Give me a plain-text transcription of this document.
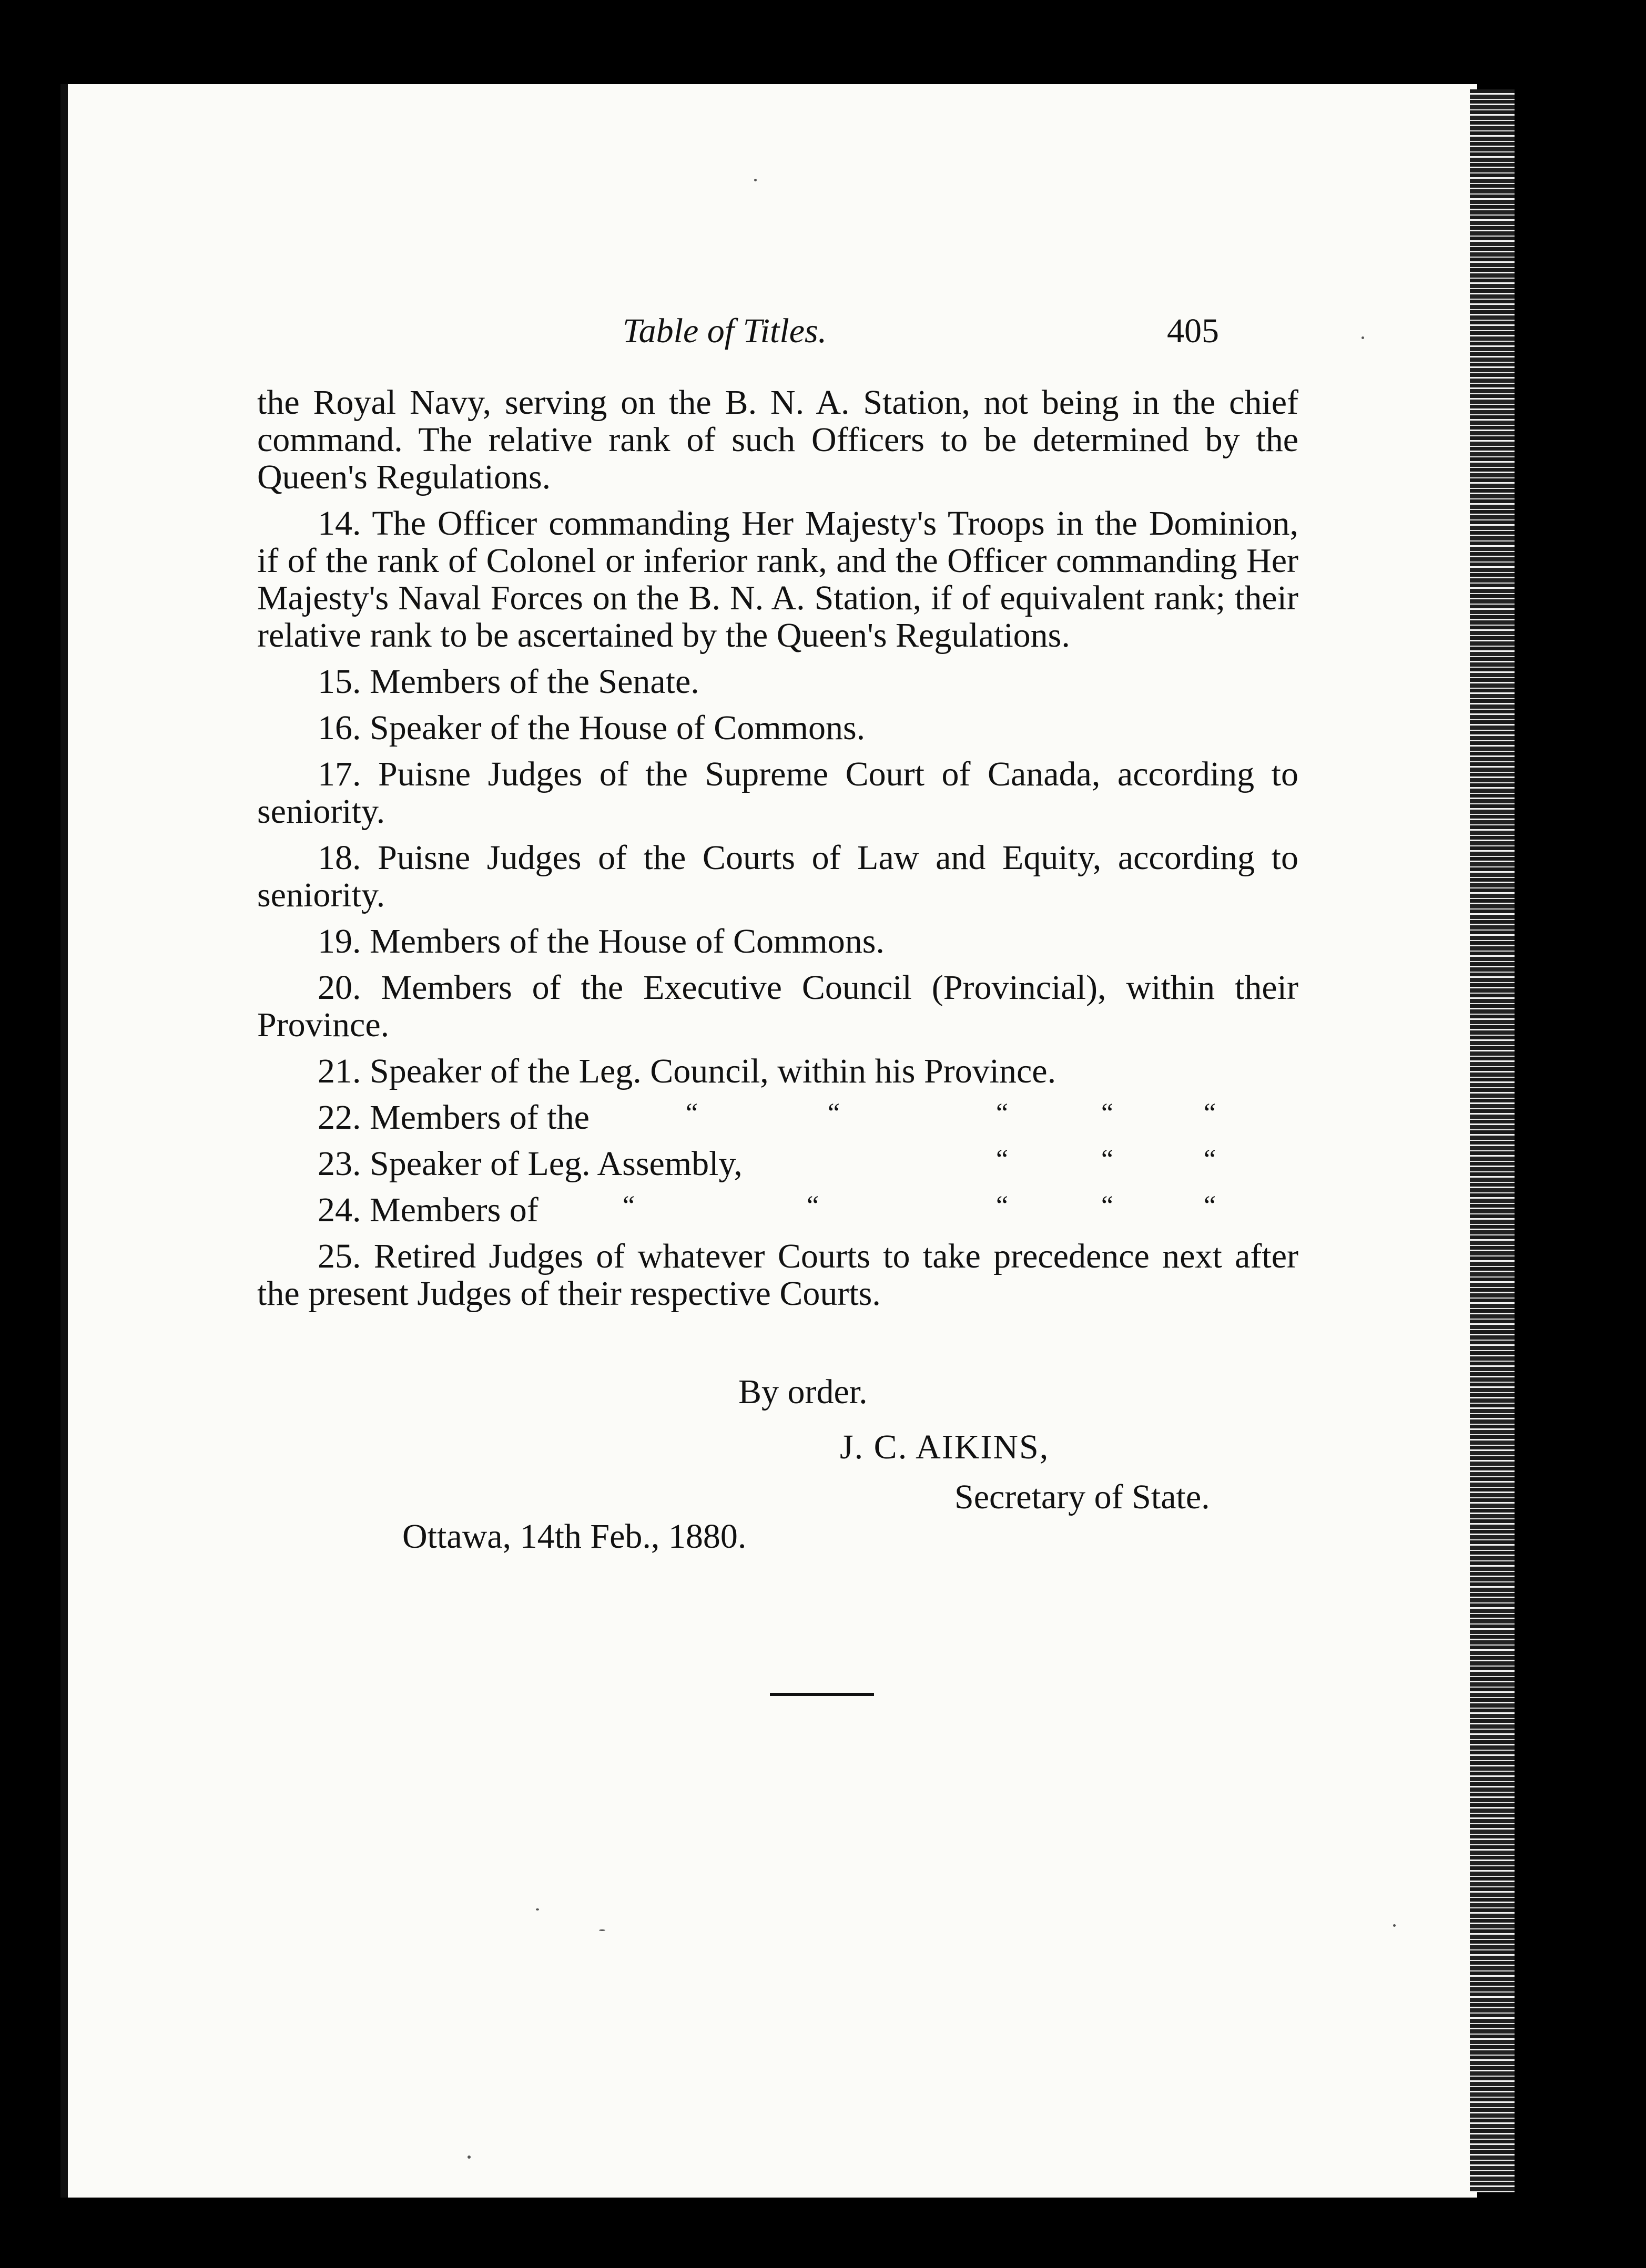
Table of Titles.	405

the Royal Navy, serving on the B. N. A. Station, not being in the chief command. The relative rank of such Officers to be determined by the Queen's Regulations.

14. The Officer commanding Her Majesty's Troops in the Dominion, if of the rank of Colonel or inferior rank, and the Officer commanding Her Majesty's Naval Forces on the B. N. A. Station, if of equivalent rank; their relative rank to be ascertained by the Queen's Regulations.

15. Members of the Senate.

16. Speaker of the House of Commons.

17. Puisne Judges of the Supreme Court of Canada, according to seniority.

18. Puisne Judges of the Courts of Law and Equity, according to seniority.

19. Members of the House of Commons.

20. Members of the Executive Council (Provincial), within their Province.

21. Speaker of the Leg. Council, within his Province.

22. Members of the	“	“	“	“	“
23. Speaker of Leg. Assembly,	“	“	“
24. Members of	“	“	“	“	“

25. Retired Judges of whatever Courts to take precedence next after the present Judges of their respective Courts.

By order.
J. C. AIKINS,
Secretary of State.
Ottawa, 14th Feb., 1880.
